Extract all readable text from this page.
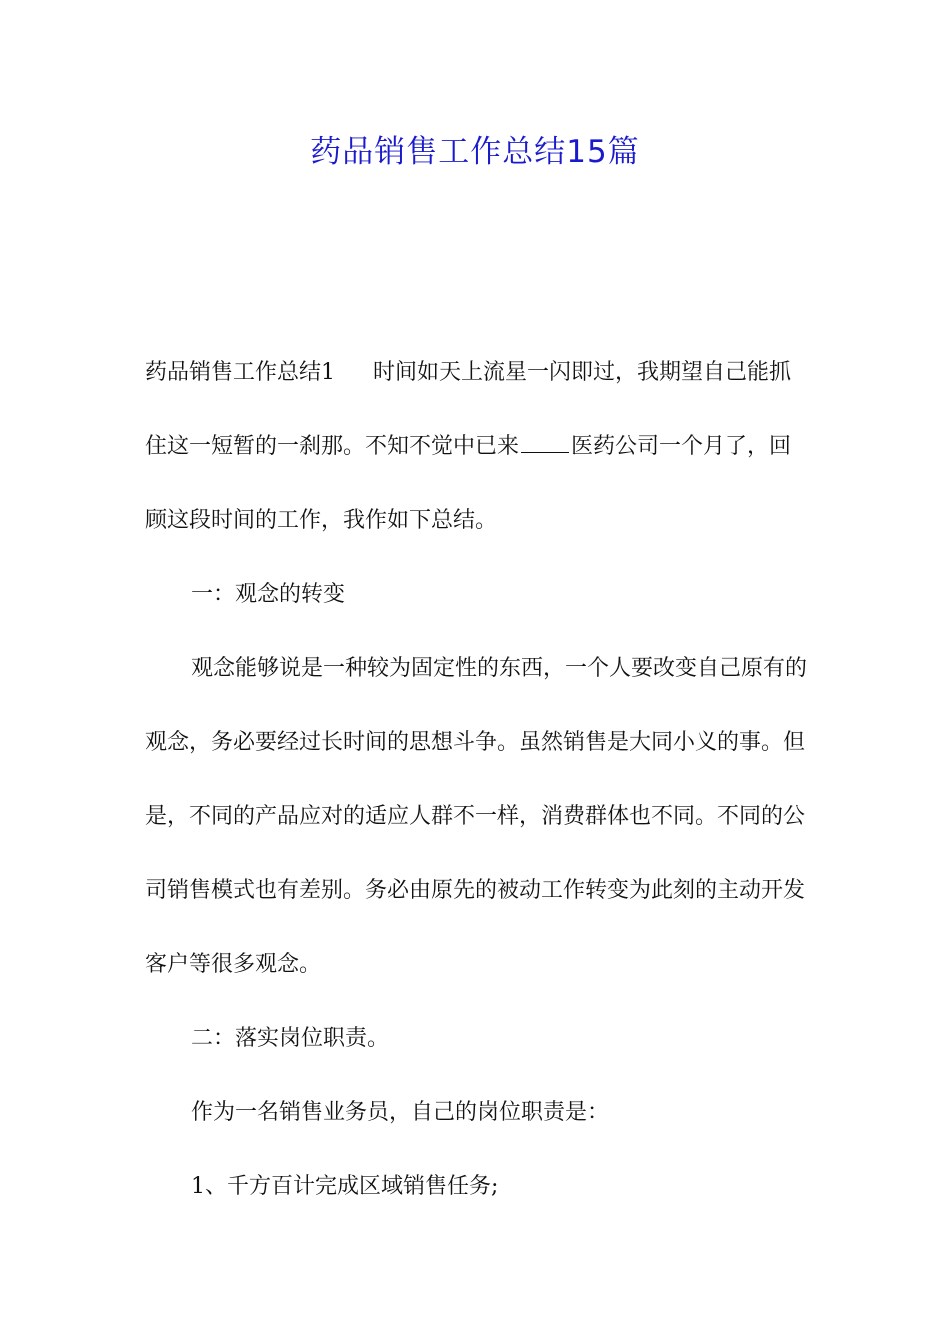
药品销售工作总结15篇

药品销售工作总结1 时间如天上流星一闪即过，我期望自己能抓住这一短暂的一刹那。不知不觉中已来 医药公司一个月了，回顾这段时间的工作，我作如下总结。

一：观念的转变

观念能够说是一种较为固定性的东西，一个人要改变自己原有的观念，务必要经过长时间的思想斗争。虽然销售是大同小义的事。但是，不同的产品应对的适应人群不一样，消费群体也不同。不同的公司销售模式也有差别。务必由原先的被动工作转变为此刻的主动开发客户等很多观念。

二：落实岗位职责。

作为一名销售业务员，自己的岗位职责是：

1、千方百计完成区域销售任务;
